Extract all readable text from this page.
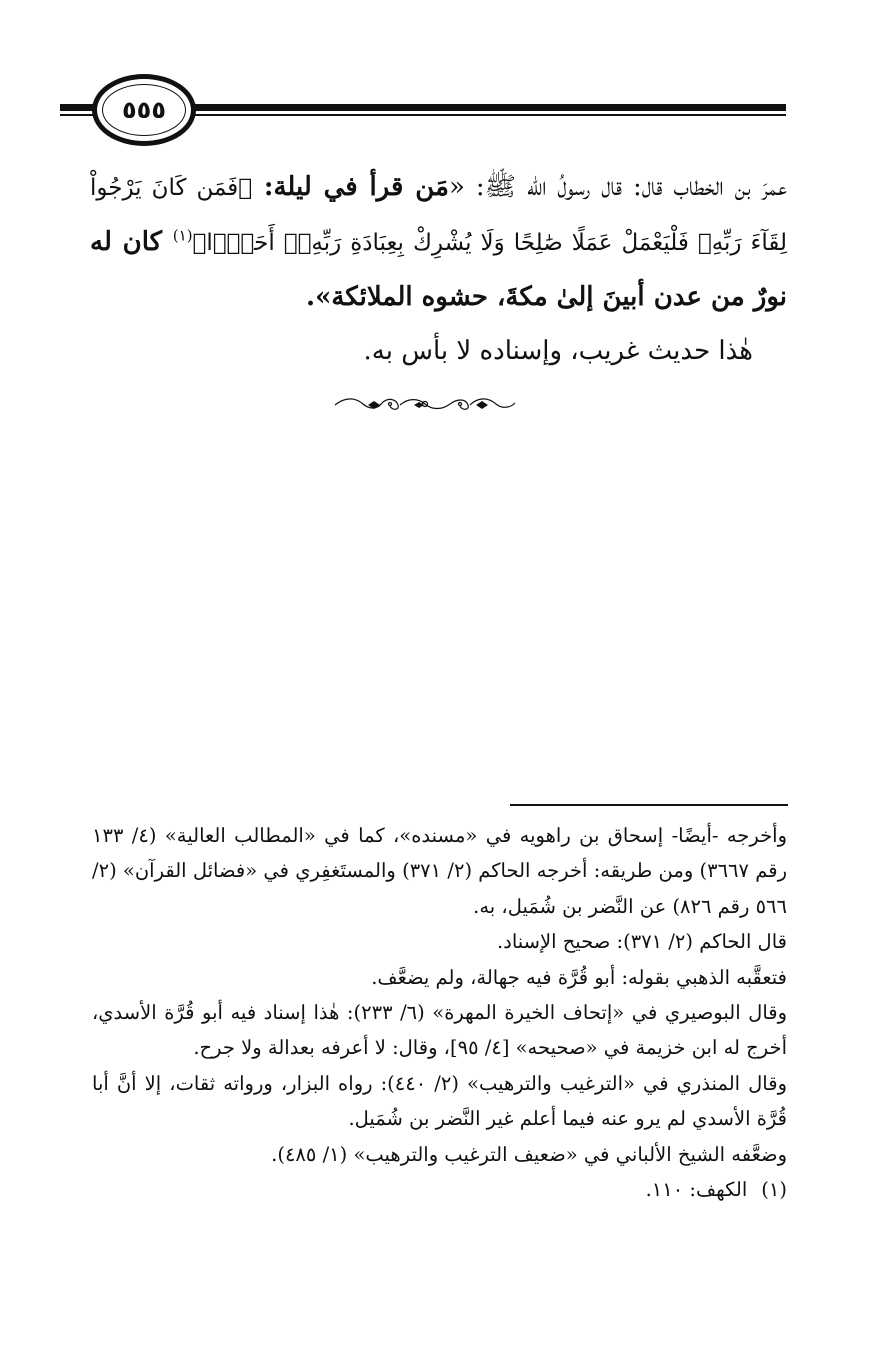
٥٥٥

عمرَ بن الخطاب قال: قال رسولُ الله ﷺ: «مَن قرأ في ليلة: ﴿فَمَن كَانَ يَرْجُواْ لِقَآءَ رَبِّهِۦ فَلْيَعْمَلْ عَمَلًا صَٰلِحًا وَلَا يُشْرِكْ بِعِبَادَةِ رَبِّهِۦٓ أَحَدًۢا﴾$^{(١)}$ كان له نورٌ من عدن أبينَ إلىٰ مكةَ، حشوه الملائكة».

هٰذا حديث غريب، وإسناده لا بأس به.

وأخرجه -أيضًا- إسحاق بن راهويه في «مسنده»، كما في «المطالب العالية» (٤/ ١٣٣ رقم ٣٦٦٧) ومن طريقه: أخرجه الحاكم (٢/ ٣٧١) والمستَغفِري في «فضائل القرآن» (٢/ ٥٦٦ رقم ٨٢٦) عن النَّضر بن شُمَيل، به.

قال الحاكم (٢/ ٣٧١): صحيح الإسناد.

فتعقَّبه الذهبي بقوله: أبو قُرَّة فيه جهالة، ولم يضعَّف.

وقال البوصيري في «إتحاف الخيرة المهرة» (٦/ ٢٣٣): هٰذا إسناد فيه أبو قُرَّة الأسدي، أخرج له ابن خزيمة في «صحيحه» [٤/ ٩٥]، وقال: لا أعرفه بعدالة ولا جرح.

وقال المنذري في «الترغيب والترهيب» (٢/ ٤٤٠): رواه البزار، ورواته ثقات، إلا أنَّ أبا قُرَّة الأسدي لم يرو عنه فيما أعلم غير النَّضر بن شُمَيل.

وضعَّفه الشيخ الألباني في «ضعيف الترغيب والترهيب» (١/ ٤٨٥).

(١)
الكهف: ١١٠.
